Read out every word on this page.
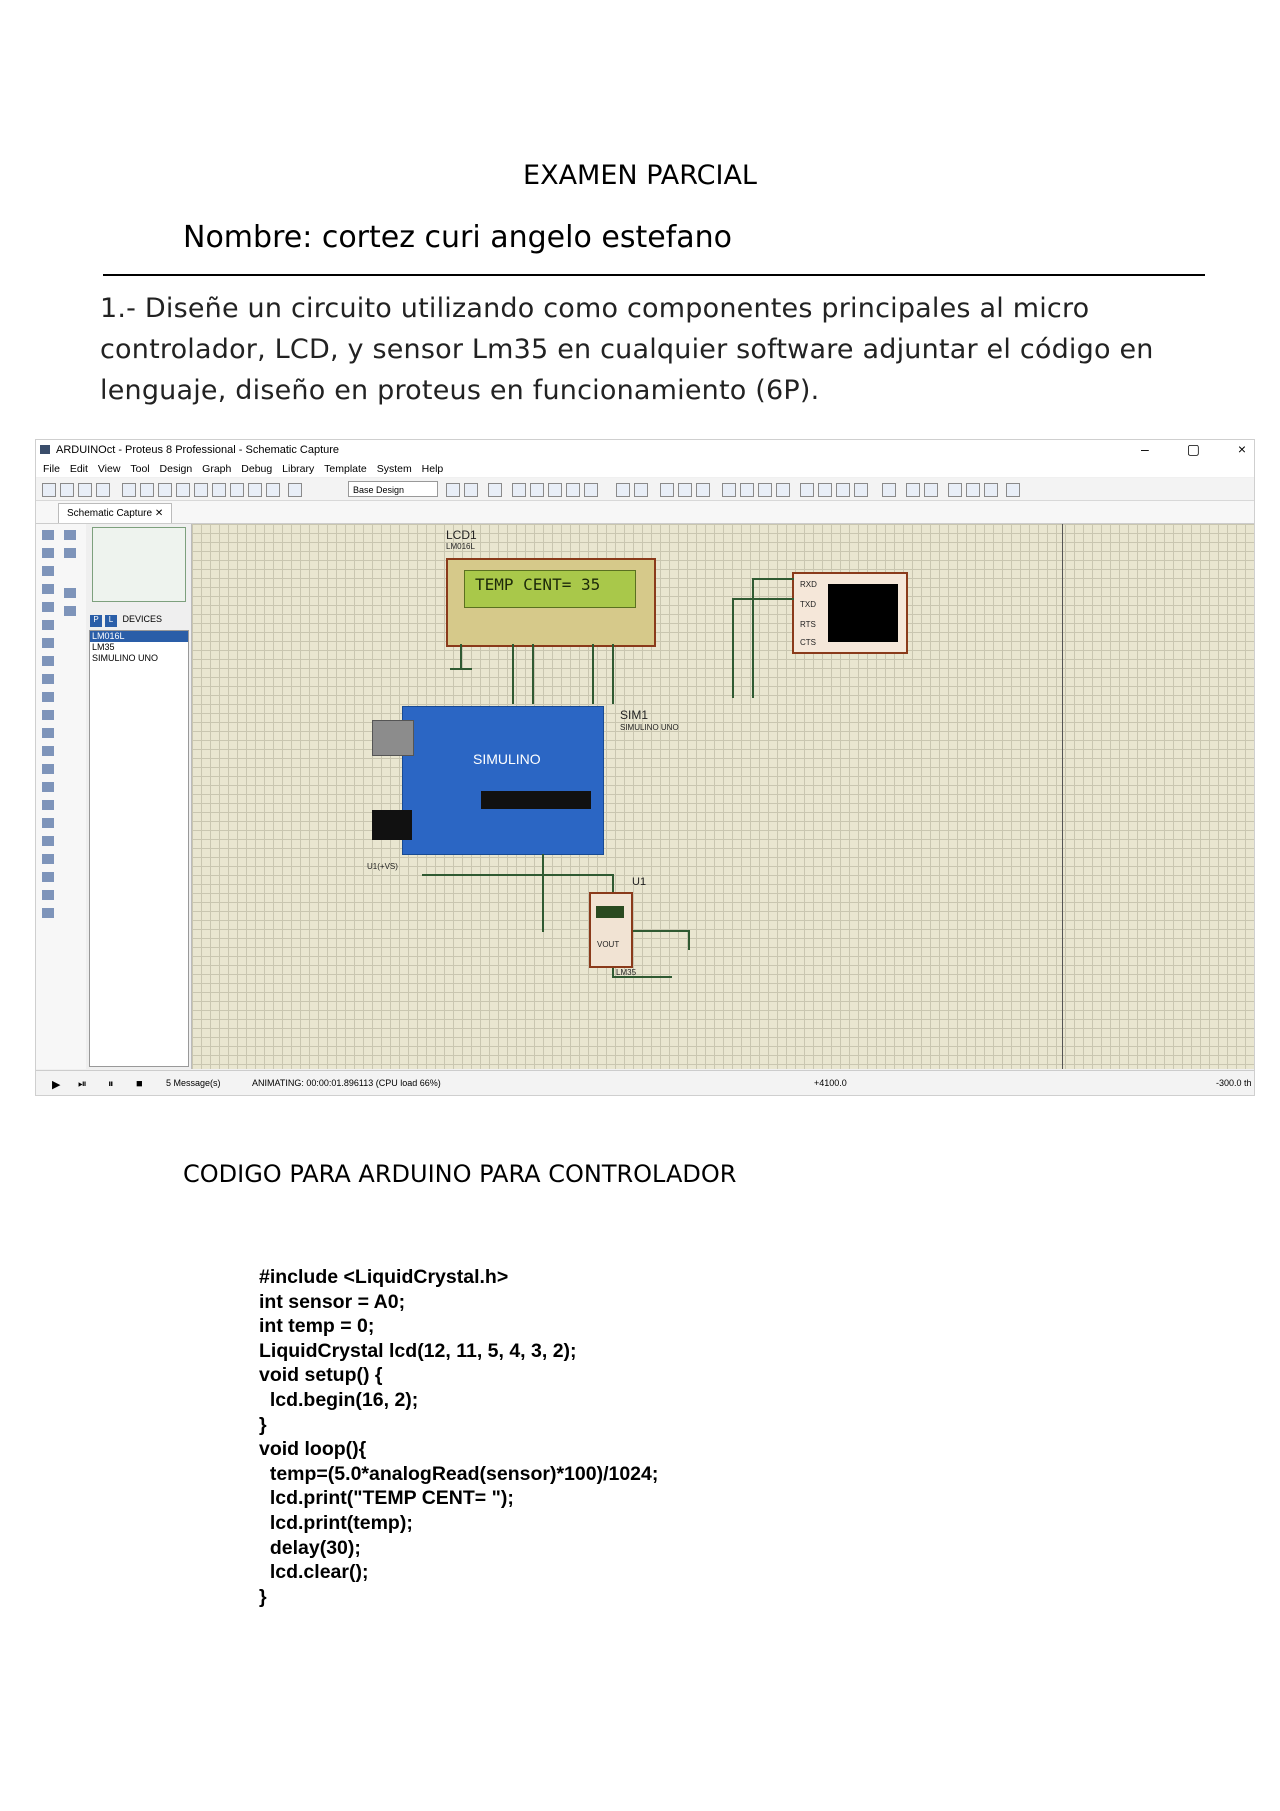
EXAMEN PARCIAL
Nombre: cortez curi angelo estefano
1.- Diseñe un circuito utilizando como componentes principales al micro controlador, LCD, y sensor Lm35 en cualquier software adjuntar el código en lenguaje, diseño en proteus en funcionamiento (6P).
ARDUINOct - Proteus 8 Professional - Schematic Capture	–	▢	×
File Edit View Tool Design Graph Debug Library Template System Help
Base Design
Schematic Capture ✕
P L DEVICES
LM016L
LM35
SIMULINO UNO
LCD1
LM016L
TEMP CENT= 35	RXD
TXD
RTS
CTS
SIM1
SIMULINO UNO
SIMULINO
U1(+VS)
U1
VOUT
LM35
▶ ⏯ ⏸ ■	5 Message(s)	ANIMATING: 00:00:01.896113 (CPU load 66%)	+4100.0	-300.0 th
CODIGO PARA ARDUINO PARA CONTROLADOR
#include <LiquidCrystal.h>
int sensor = A0;
int temp = 0;
LiquidCrystal lcd(12, 11, 5, 4, 3, 2);
void setup() {
lcd.begin(16, 2);
}
void loop(){
temp=(5.0*analogRead(sensor)*100)/1024;
lcd.print("TEMP CENT= ");
lcd.print(temp);
delay(30);
lcd.clear();
}
